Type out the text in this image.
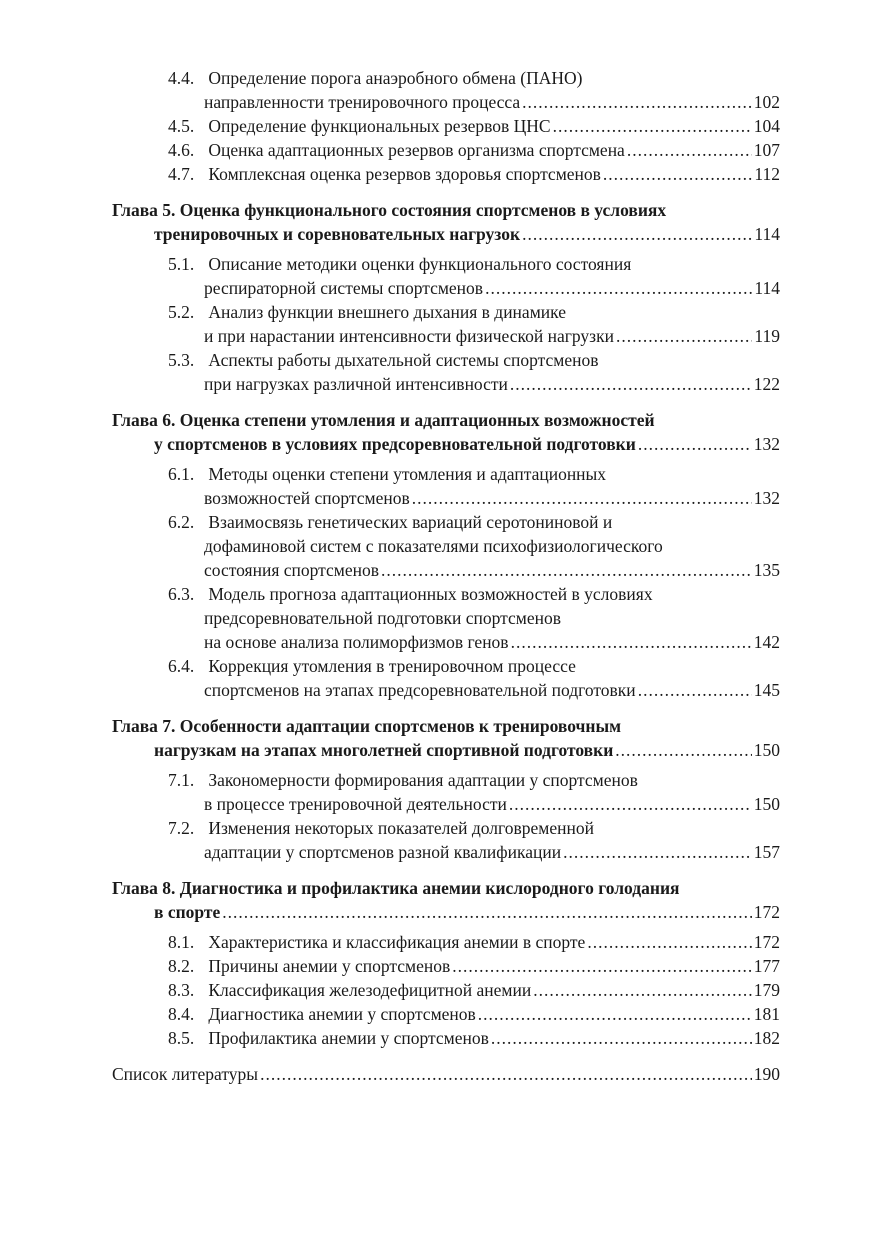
4.4. Определение порога анаэробного обмена (ПАНО)
направленности тренировочного процесса .....	102
4.5. Определение функциональных резервов ЦНС .....	104
4.6. Оценка адаптационных резервов организма спортсмена .....	107
4.7. Комплексная оценка резервов здоровья спортсменов .....	112
Глава 5. Оценка функционального состояния спортсменов в условиях
тренировочных и соревновательных нагрузок .....	114
5.1. Описание методики оценки функционального состояния
респираторной системы спортсменов .....	114
5.2. Анализ функции внешнего дыхания в динамике
и при нарастании интенсивности физической нагрузки .....	119
5.3. Аспекты работы дыхательной системы спортсменов
при нагрузках различной интенсивности .....	122
Глава 6. Оценка степени утомления и адаптационных возможностей
у спортсменов в условиях предсоревновательной подготовки .....	132
6.1. Методы оценки степени утомления и адаптационных
возможностей спортсменов .....	132
6.2. Взаимосвязь генетических вариаций серотониновой и
дофаминовой систем с показателями психофизиологического
состояния спортсменов .....	135
6.3. Модель прогноза адаптационных возможностей в условиях
предсоревновательной подготовки спортсменов
на основе анализа полиморфизмов генов .....	142
6.4. Коррекция утомления в тренировочном процессе
спортсменов на этапах предсоревновательной подготовки .....	145
Глава 7. Особенности адаптации спортсменов к тренировочным
нагрузкам на этапах многолетней спортивной подготовки .....	150
7.1. Закономерности формирования адаптации у спортсменов
в процессе тренировочной деятельности .....	150
7.2. Изменения некоторых показателей долговременной
адаптации у спортсменов разной квалификации .....	157
Глава 8. Диагностика и профилактика анемии кислородного голодания
в спорте .....	172
8.1. Характеристика и классификация анемии в спорте .....	172
8.2. Причины анемии у спортсменов .....	177
8.3. Классификация железодефицитной анемии .....	179
8.4. Диагностика анемии у спортсменов .....	181
8.5. Профилактика анемии у спортсменов .....	182
Список литературы .....	190
